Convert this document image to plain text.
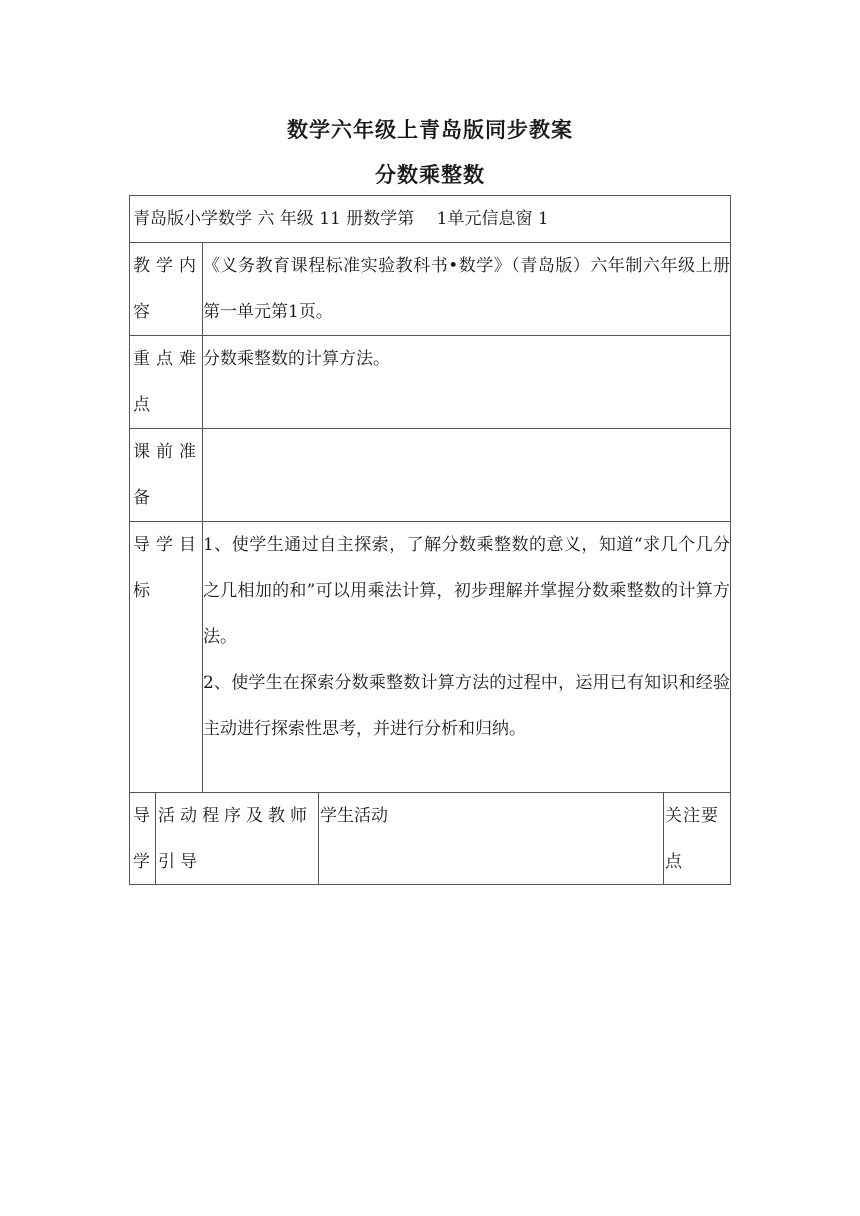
数学六年级上青岛版同步教案
分数乘整数
青岛版小学数学 六 年级 11 册数学第 　1单元信息窗 1
教学内容
《义务教育课程标准实验教科书•数学》（青岛版）六年制六年级上册第一单元第1页。
重点难点
分数乘整数的计算方法。
课前准备
导学目标
1、使学生通过自主探索，了解分数乘整数的意义，知道“求几个几分之几相加的和”可以用乘法计算，初步理解并掌握分数乘整数的计算方法。
2、使学生在探索分数乘整数计算方法的过程中，运用已有知识和经验主动进行探索性思考，并进行分析和归纳。
导学
活动程序及教师引导
学生活动	关注要点
